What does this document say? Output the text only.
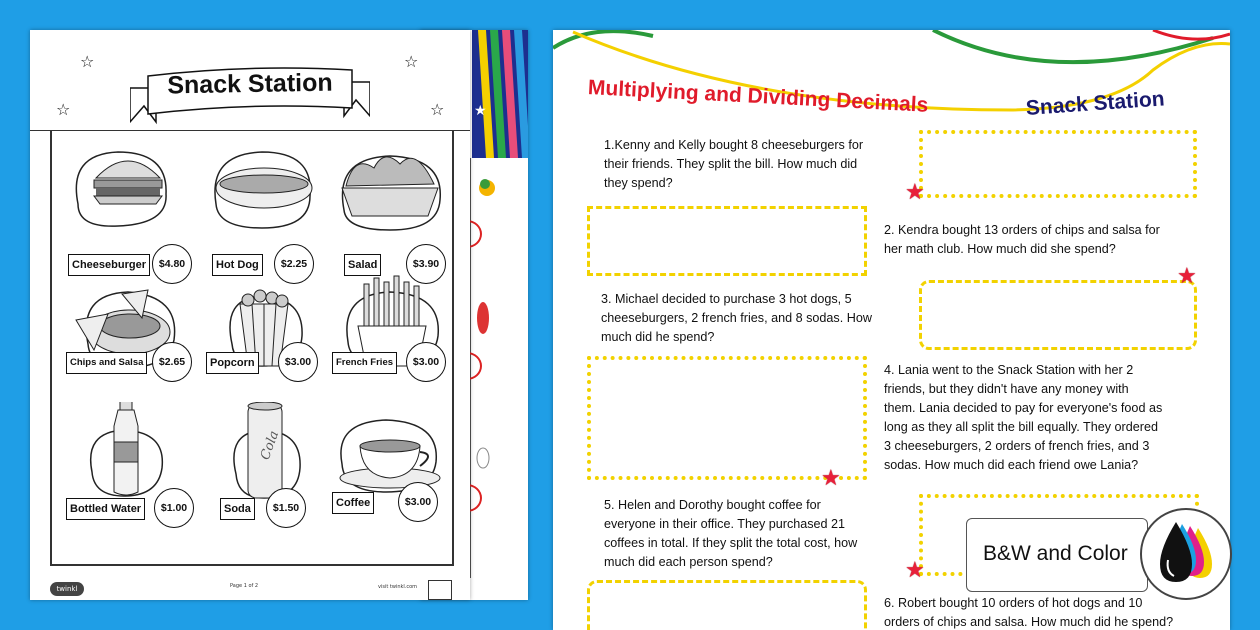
★
Snack Station
☆	☆
☆	☆
Cheeseburger	$4.80	Hot Dog	$2.25	Salad	$3.90
Chips and Salsa	$2.65	Popcorn	$3.00	French Fries	$3.00
Bottled Water	$1.00
Cola
Soda	$1.50	Coffee	$3.00
twinkl	Page 1 of 2	visit twinkl.com
Multiplying and Dividing Decimals	Snack Station
1.Kenny and Kelly bought 8 cheeseburgers for
their friends. They split the bill. How much did
they spend?	★
2. Kendra bought 13 orders of chips and salsa for
her math club. How much did she spend?
3. Michael decided to purchase 3 hot dogs, 5
cheeseburgers, 2 french fries, and 8 sodas. How
much did he spend?
★
★
4. Lania went to the Snack Station with her 2
friends, but they didn't have any money with
them. Lania decided to pay for everyone's food as
long as they all split the bill equally. They ordered
3 cheeseburgers, 2 orders of french fries, and 3
sodas. How much did each friend owe Lania?
5. Helen and Dorothy bought coffee for
everyone in their office. They purchased 21
coffees in total. If they split the total cost, how
much did each person spend?	★
6. Robert bought 10 orders of hot dogs and 10
orders of chips and salsa. How much did he spend?
B&W and Color
